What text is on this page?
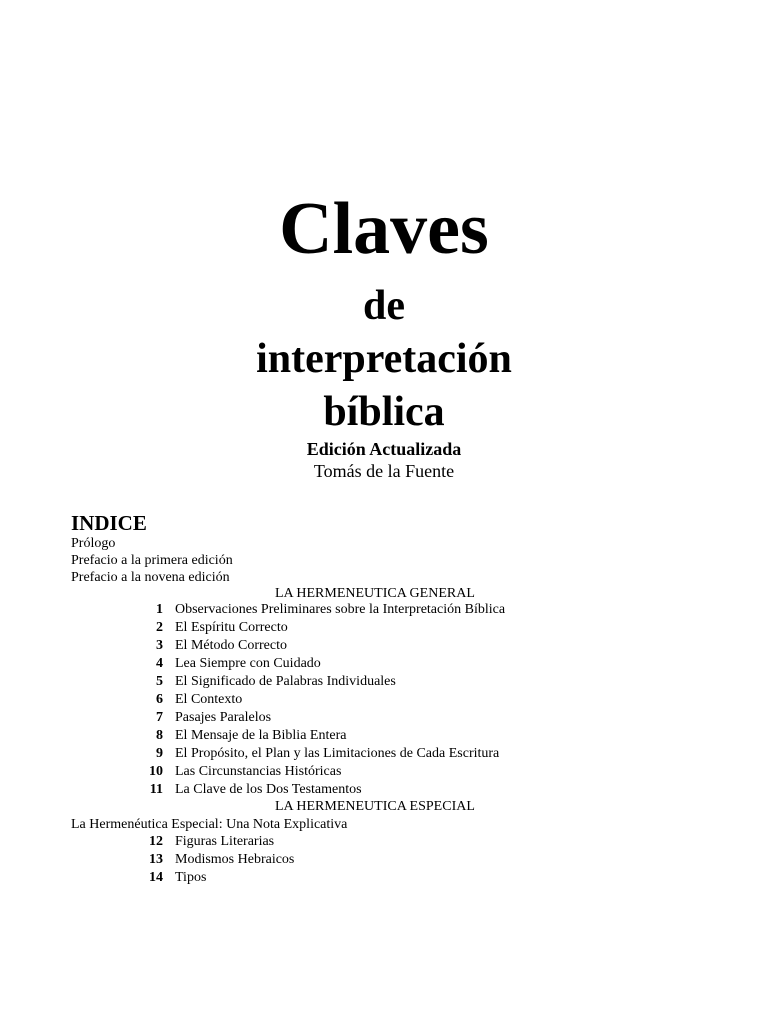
Claves
de
interpretación
bíblica
Edición Actualizada
Tomás de la Fuente
INDICE
Prólogo
Prefacio a la primera edición
Prefacio a la novena edición
LA HERMENEUTICA GENERAL
1 Observaciones Preliminares sobre la Interpretación Bíblica
2 El Espíritu Correcto
3 El Método Correcto
4 Lea Siempre con Cuidado
5 El Significado de Palabras Individuales
6 El Contexto
7 Pasajes Paralelos
8 El Mensaje de la Biblia Entera
9 El Propósito, el Plan y las Limitaciones de Cada Escritura
10 Las Circunstancias Históricas
11 La Clave de los Dos Testamentos
LA HERMENEUTICA ESPECIAL
La Hermenéutica Especial: Una Nota Explicativa
12 Figuras Literarias
13 Modismos Hebraicos
14 Tipos
